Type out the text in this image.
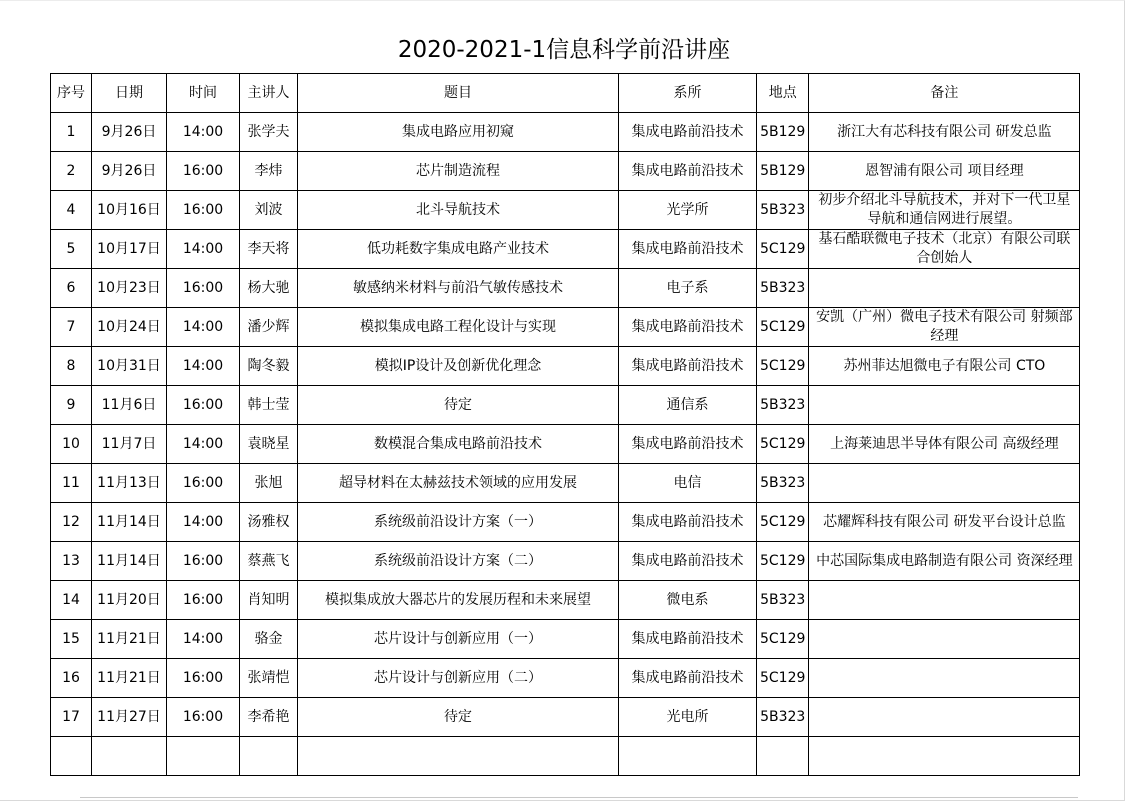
2020-2021-1信息科学前沿讲座
序号	日期	时间	主讲人	题目	系所	地点	备注
1	9月26日	14:00	张学夫	集成电路应用初窥	集成电路前沿技术	5B129	浙江大有芯科技有限公司 研发总监
2	9月26日	16:00	李炜	芯片制造流程	集成电路前沿技术	5B129	恩智浦有限公司 项目经理
4	10月16日	16:00	刘波	北斗导航技术	光学所	5B323	初步介绍北斗导航技术，并对下一代卫星导航和通信网进行展望。
5	10月17日	14:00	李天将	低功耗数字集成电路产业技术	集成电路前沿技术	5C129	基石酷联微电子技术（北京）有限公司联合创始人
6	10月23日	16:00	杨大驰	敏感纳米材料与前沿气敏传感技术	电子系	5B323	
7	10月24日	14:00	潘少辉	模拟集成电路工程化设计与实现	集成电路前沿技术	5C129	安凯（广州）微电子技术有限公司 射频部经理
8	10月31日	14:00	陶冬毅	模拟IP设计及创新优化理念	集成电路前沿技术	5C129	苏州菲达旭微电子有限公司 CTO
9	11月6日	16:00	韩士莹	待定	通信系	5B323	
10	11月7日	14:00	袁晓星	数模混合集成电路前沿技术	集成电路前沿技术	5C129	上海莱迪思半导体有限公司 高级经理
11	11月13日	16:00	张旭	超导材料在太赫兹技术领域的应用发展	电信	5B323	
12	11月14日	14:00	汤雅权	系统级前沿设计方案（一）	集成电路前沿技术	5C129	芯耀辉科技有限公司 研发平台设计总监
13	11月14日	16:00	蔡燕飞	系统级前沿设计方案（二）	集成电路前沿技术	5C129	中芯国际集成电路制造有限公司 资深经理
14	11月20日	16:00	肖知明	模拟集成放大器芯片的发展历程和未来展望	微电系	5B323	
15	11月21日	14:00	骆金	芯片设计与创新应用（一）	集成电路前沿技术	5C129	
16	11月21日	16:00	张靖恺	芯片设计与创新应用（二）	集成电路前沿技术	5C129	
17	11月27日	16:00	李希艳	待定	光电所	5B323	
